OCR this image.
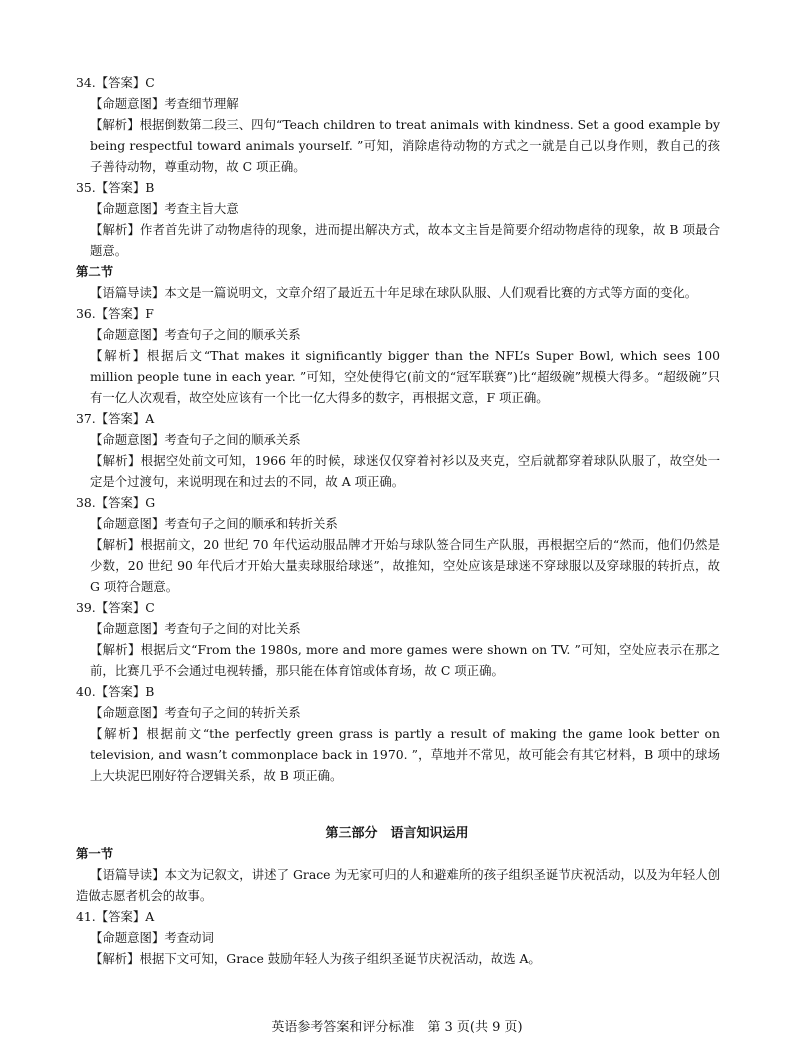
34.【答案】C
【命题意图】考查细节理解
【解析】根据倒数第二段三、四句“Teach children to treat animals with kindness. Set a good example by being respectful toward animals yourself. ”可知，消除虐待动物的方式之一就是自己以身作则，教自己的孩子善待动物，尊重动物，故 C 项正确。
35.【答案】B
【命题意图】考查主旨大意
【解析】作者首先讲了动物虐待的现象，进而提出解决方式，故本文主旨是简要介绍动物虐待的现象，故 B 项最合题意。
第二节
【语篇导读】本文是一篇说明文，文章介绍了最近五十年足球在球队队服、人们观看比赛的方式等方面的变化。
36.【答案】F
【命题意图】考查句子之间的顺承关系
【解析】根据后文“That makes it significantly bigger than the NFL’s Super Bowl, which sees 100 million people tune in each year. ”可知，空处使得它(前文的“冠军联赛”)比“超级碗”规模大得多。“超级碗”只有一亿人次观看，故空处应该有一个比一亿大得多的数字，再根据文意，F 项正确。
37.【答案】A
【命题意图】考查句子之间的顺承关系
【解析】根据空处前文可知，1966 年的时候，球迷仅仅穿着衬衫以及夹克，空后就都穿着球队队服了，故空处一定是个过渡句，来说明现在和过去的不同，故 A 项正确。
38.【答案】G
【命题意图】考查句子之间的顺承和转折关系
【解析】根据前文，20 世纪 70 年代运动服品牌才开始与球队签合同生产队服，再根据空后的“然而，他们仍然是少数，20 世纪 90 年代后才开始大量卖球服给球迷”，故推知，空处应该是球迷不穿球服以及穿球服的转折点，故 G 项符合题意。
39.【答案】C
【命题意图】考查句子之间的对比关系
【解析】根据后文“From the 1980s, more and more games were shown on TV. ”可知，空处应表示在那之前，比赛几乎不会通过电视转播，那只能在体育馆或体育场，故 C 项正确。
40.【答案】B
【命题意图】考查句子之间的转折关系
【解析】根据前文“the perfectly green grass is partly a result of making the game look better on television, and wasn’t commonplace back in 1970. ”，草地并不常见，故可能会有其它材料，B 项中的球场上大块泥巴刚好符合逻辑关系，故 B 项正确。
第三部分　语言知识运用
第一节
【语篇导读】本文为记叙文，讲述了 Grace 为无家可归的人和避难所的孩子组织圣诞节庆祝活动，以及为年轻人创造做志愿者机会的故事。
41.【答案】A
【命题意图】考查动词
【解析】根据下文可知，Grace 鼓励年轻人为孩子组织圣诞节庆祝活动，故选 A。
英语参考答案和评分标准　第 3 页(共 9 页)
